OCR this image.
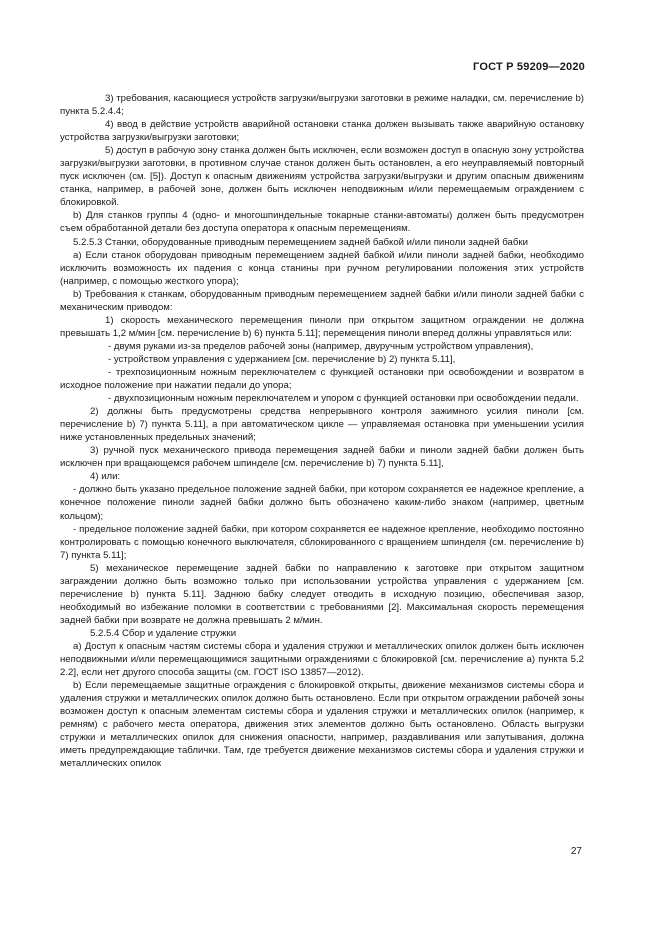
ГОСТ Р 59209—2020

3) требования, касающиеся устройств загрузки/выгрузки заготовки в режиме наладки, см. перечисление b) пункта 5.2.4.4;

4) ввод в действие устройств аварийной остановки станка должен вызывать также аварийную остановку устройства загрузки/выгрузки заготовки;

5) доступ в рабочую зону станка должен быть исключен, если возможен доступ в опасную зону устройства загрузки/выгрузки заготовки, в противном случае станок должен быть остановлен, а его неуправляемый повторный пуск исключен (см. [5]). Доступ к опасным движениям устройства загрузки/выгрузки и другим опасным движениям станка, например, в рабочей зоне, должен быть исключен неподвижным и/или перемещаемым ограждением с блокировкой.

b) Для станков группы 4 (одно- и многошпиндельные токарные станки-автоматы) должен быть предусмотрен съем обработанной детали без доступа оператора к опасным перемещениям.

5.2.5.3 Станки, оборудованные приводным перемещением задней бабкой и/или пиноли задней бабки

a) Если станок оборудован приводным перемещением задней бабкой и/или пиноли задней бабки, необходимо исключить возможность их падения с конца станины при ручном регулировании положения этих устройств (например, с помощью жесткого упора);

b) Требования к станкам, оборудованным приводным перемещением задней бабки и/или пиноли задней бабки с механическим приводом:

1) скорость механического перемещения пиноли при открытом защитном ограждении не должна превышать 1,2 м/мин [см. перечисление b) 6) пункта 5.11]; перемещения пиноли вперед должны управляться или:

- двумя руками из-за пределов рабочей зоны (например, двуручным устройством управления),

- устройством управления с удержанием [см. перечисление b) 2) пункта 5.11],

- трехпозиционным ножным переключателем с функцией остановки при освобождении и возвратом в исходное положение при нажатии педали до упора;

- двухпозиционным ножным переключателем и упором с функцией остановки при освобождении педали.

2) должны быть предусмотрены средства непрерывного контроля зажимного усилия пиноли [см. перечисление b) 7) пункта 5.11], а при автоматическом цикле — управляемая остановка при уменьшении усилия ниже установленных предельных значений;

3) ручной пуск механического привода перемещения задней бабки и пиноли задней бабки должен быть исключен при вращающемся рабочем шпинделе [см. перечисление b) 7) пункта 5.11],

4) или:

- должно быть указано предельное положение задней бабки, при котором сохраняется ее надежное крепление, а конечное положение пиноли задней бабки должно быть обозначено каким-либо знаком (например, цветным кольцом);

- предельное положение задней бабки, при котором сохраняется ее надежное крепление, необходимо постоянно контролировать с помощью конечного выключателя, сблокированного с вращением шпинделя (см. перечисление b) 7) пункта 5.11];

5) механическое перемещение задней бабки по направлению к заготовке при открытом защитном заграждении должно быть возможно только при использовании устройства управления с удержанием [см. перечисление b) пункта 5.11]. Заднюю бабку следует отводить в исходную позицию, обеспечивая зазор, необходимый во избежание поломки в соответствии с требованиями [2]. Максимальная скорость перемещения задней бабки при возврате не должна превышать 2 м/мин.

5.2.5.4 Сбор и удаление стружки

a) Доступ к опасным частям системы сбора и удаления стружки и металлических опилок должен быть исключен неподвижными и/или перемещающимися защитными ограждениями с блокировкой [см. перечисление a) пункта 5.2 2.2], если нет другого способа защиты (см. ГОСТ ISO 13857—2012).

b) Если перемещаемые защитные ограждения с блокировкой открыты, движение механизмов системы сбора и удаления стружки и металлических опилок должно быть остановлено. Если при открытом ограждении рабочей зоны возможен доступ к опасным элементам системы сбора и удаления стружки и металлических опилок (например, к ремням) с рабочего места оператора, движения этих элементов должно быть остановлено. Область выгрузки стружки и металлических опилок для снижения опасности, например, раздавливания или запутывания, должна иметь предупреждающие таблички. Там, где требуется движение механизмов системы сбора и удаления стружки и металлических опилок

27
